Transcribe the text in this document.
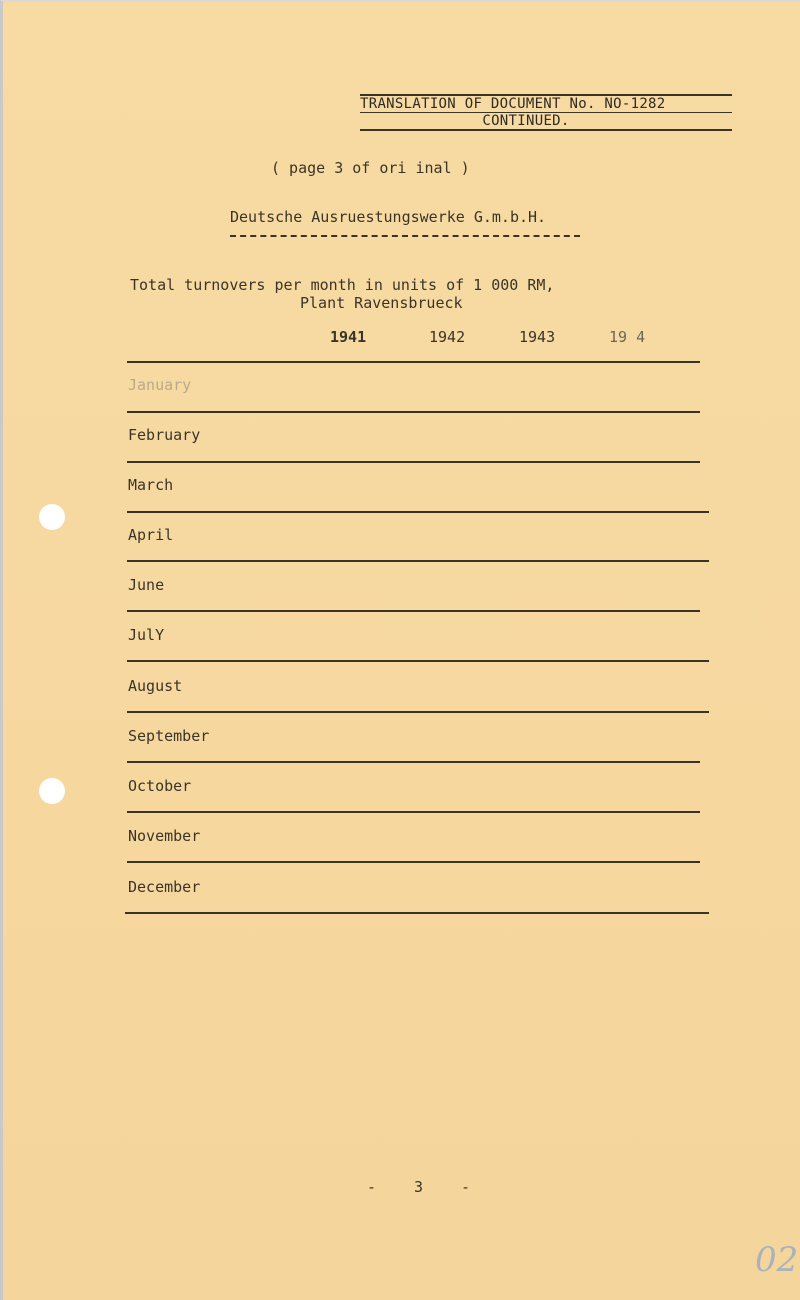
TRANSLATION OF DOCUMENT No. NO-1282
CONTINUED.
( page 3 of ori inal )
Deutsche Ausruestungswerke G.m.b.H.
Total turnovers per month in units of 1 000 RM,
Plant Ravensbrueck
1941	1942	1943	19 4
January
February
March
April
June
JulY
August
September
October
November
December
- 3 -
02
